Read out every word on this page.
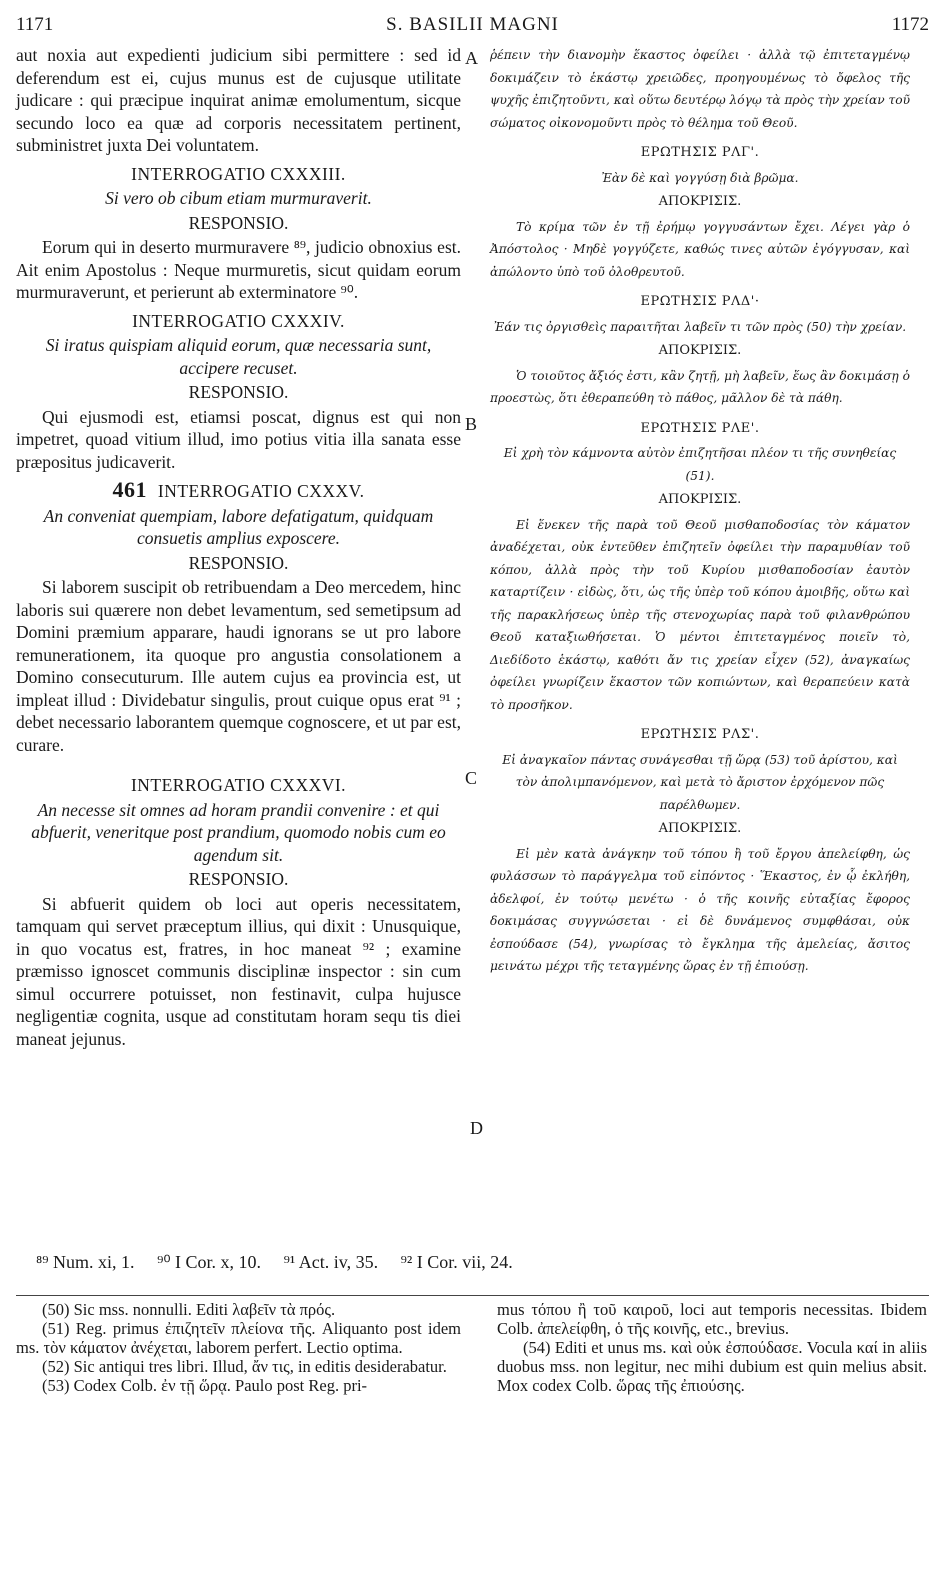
1171	S. BASILII MAGNI	1172

aut noxia aut expedienti judicium sibi permittere : sed id deferendum est ei, cujus munus est de cujusque utilitate judicare : qui præcipue inquirat animæ emolumentum, sicque secundo loco ea quæ ad corporis necessitatem pertinent, subministret juxta Dei voluntatem.

INTERROGATIO CXXXIII.

Si vero ob cibum etiam murmuraverit.

RESPONSIO.

Eorum qui in deserto murmuravere ⁸⁹, judicio obnoxius est. Ait enim Apostolus : Neque murmuretis, sicut quidam eorum murmuraverunt, et perierunt ab exterminatore ⁹⁰.

INTERROGATIO CXXXIV.

Si iratus quispiam aliquid eorum, quæ necessaria sunt, accipere recuset.

RESPONSIO.

Qui ejusmodi est, etiamsi poscat, dignus est qui non impetret, quoad vitium illud, imo potius vitia illa sanata esse præpositus judicaverit.

461 INTERROGATIO CXXXV.

An conveniat quempiam, labore defatigatum, quidquam consuetis amplius exposcere.

RESPONSIO.

Si laborem suscipit ob retribuendam a Deo mercedem, hinc laboris sui quærere non debet levamentum, sed semetipsum ad Domini præmium apparare, haudi ignorans se ut pro labore remunerationem, ita quoque pro angustia consolationem a Domino consecuturum. Ille autem cujus ea provincia est, ut impleat illud : Dividebatur singulis, prout cuique opus erat ⁹¹ ; debet necessario laborantem quemque cognoscere, et ut par est, curare.

INTERROGATIO CXXXVI.

An necesse sit omnes ad horam prandii convenire : et qui abfuerit, veneritque post prandium, quomodo nobis cum eo agendum sit.

RESPONSIO.

Si abfuerit quidem ob loci aut operis necessitatem, tamquam qui servet præceptum illius, qui dixit : Unusquique, in quo vocatus est, fratres, in hoc maneat ⁹² ; examine præmisso ignoscet communis disciplinæ inspector : sin cum simul occurrere potuisset, non festinavit, culpa hujusce negligentiæ cognita, usque ad constitutam horam sequ tis diei maneat jejunus.

A
B
C
D

ῥέπειν τὴν διανομὴν ἕκαστος ὀφείλει · ἀλλὰ τῷ ἐπιτεταγμένῳ δοκιμάζειν τὸ ἑκάστῳ χρειῶδες, προηγουμένως τὸ ὄφελος τῆς ψυχῆς ἐπιζητοῦντι, καὶ οὕτω δευτέρῳ λόγῳ τὰ πρὸς τὴν χρείαν τοῦ σώματος οἰκονομοῦντι πρὸς τὸ θέλημα τοῦ Θεοῦ.

ΕΡΩΤΗΣΙΣ ΡΛΓ'.

Ἐὰν δὲ καὶ γογγύσῃ διὰ βρῶμα.

ΑΠΟΚΡΙΣΙΣ.

Τὸ κρίμα τῶν ἐν τῇ ἐρήμῳ γογγυσάντων ἔχει. Λέγει γὰρ ὁ Ἀπόστολος · Μηδὲ γογγύζετε, καθώς τινες αὐτῶν ἐγόγγυσαν, καὶ ἀπώλοντο ὑπὸ τοῦ ὀλοθρευτοῦ.

ΕΡΩΤΗΣΙΣ ΡΛΔ'·

Ἐάν τις ὀργισθεὶς παραιτῆται λαβεῖν τι τῶν πρὸς (50) τὴν χρείαν.

ΑΠΟΚΡΙΣΙΣ.

Ὁ τοιοῦτος ἄξιός ἐστι, κἂν ζητῇ, μὴ λαβεῖν, ἕως ἂν δοκιμάσῃ ὁ προεστὼς, ὅτι ἐθεραπεύθη τὸ πάθος, μᾶλλον δὲ τὰ πάθη.

ΕΡΩΤΗΣΙΣ ΡΛΕ'.

Εἰ χρὴ τὸν κάμνοντα αὐτὸν ἐπιζητῆσαι πλέον τι τῆς συνηθείας (51).

ΑΠΟΚΡΙΣΙΣ.

Εἰ ἕνεκεν τῆς παρὰ τοῦ Θεοῦ μισθαποδοσίας τὸν κάματον ἀναδέχεται, οὐκ ἐντεῦθεν ἐπιζητεῖν ὀφείλει τὴν παραμυθίαν τοῦ κόπου, ἀλλὰ πρὸς τὴν τοῦ Κυρίου μισθαποδοσίαν ἑαυτὸν καταρτίζειν · εἰδὼς, ὅτι, ὡς τῆς ὑπὲρ τοῦ κόπου ἀμοιβῆς, οὕτω καὶ τῆς παρακλήσεως ὑπὲρ τῆς στενοχωρίας παρὰ τοῦ φιλανθρώπου Θεοῦ καταξιωθήσεται. Ὁ μέντοι ἐπιτεταγμένος ποιεῖν τὸ, Διεδίδοτο ἑκάστῳ, καθότι ἄν τις χρείαν εἶχεν (52), ἀναγκαίως ὀφείλει γνωρίζειν ἕκαστον τῶν κοπιώντων, καὶ θεραπεύειν κατὰ τὸ προσῆκον.

ΕΡΩΤΗΣΙΣ ΡΛΣ'.

Εἰ ἀναγκαῖον πάντας συνάγεσθαι τῇ ὥρᾳ (53) τοῦ ἀρίστου, καὶ τὸν ἀπολιμπανόμενον, καὶ μετὰ τὸ ἄριστον ἐρχόμενον πῶς παρέλθωμεν.

ΑΠΟΚΡΙΣΙΣ.

Εἰ μὲν κατὰ ἀνάγκην τοῦ τόπου ἢ τοῦ ἔργου ἀπελείφθη, ὡς φυλάσσων τὸ παράγγελμα τοῦ εἰπόντος · Ἕκαστος, ἐν ᾧ ἐκλήθη, ἀδελφοί, ἐν τούτῳ μενέτω · ὁ τῆς κοινῆς εὐταξίας ἔφορος δοκιμάσας συγγνώσεται · εἰ δὲ δυνάμενος συμφθάσαι, οὐκ ἐσπούδασε (54), γνωρίσας τὸ ἔγκλημα τῆς ἀμελείας, ἄσιτος μεινάτω μέχρι τῆς τεταγμένης ὥρας ἐν τῇ ἐπιούσῃ.

⁸⁹ Num. xi, 1. ⁹⁰ I Cor. x, 10. ⁹¹ Act. iv, 35. ⁹² I Cor. vii, 24.

(50) Sic mss. nonnulli. Editi λαβεῖν τὰ πρός.

(51) Reg. primus ἐπιζητεῖν πλείονα τῆς. Aliquanto post idem ms. τὸν κάματον ἀνέχεται, laborem perfert. Lectio optima.

(52) Sic antiqui tres libri. Illud, ἄν τις, in editis desiderabatur.

(53) Codex Colb. ἐν τῇ ὥρᾳ. Paulo post Reg. pri-

mus τόπου ἢ τοῦ καιροῦ, loci aut temporis necessitas. Ibidem Colb. ἀπελείφθη, ὁ τῆς κοινῆς, etc., brevius.

(54) Editi et unus ms. καὶ οὐκ ἐσπούδασε. Vocula καί in aliis duobus mss. non legitur, nec mihi dubium est quin melius absit. Mox codex Colb. ὥρας τῆς ἐπιούσης.
